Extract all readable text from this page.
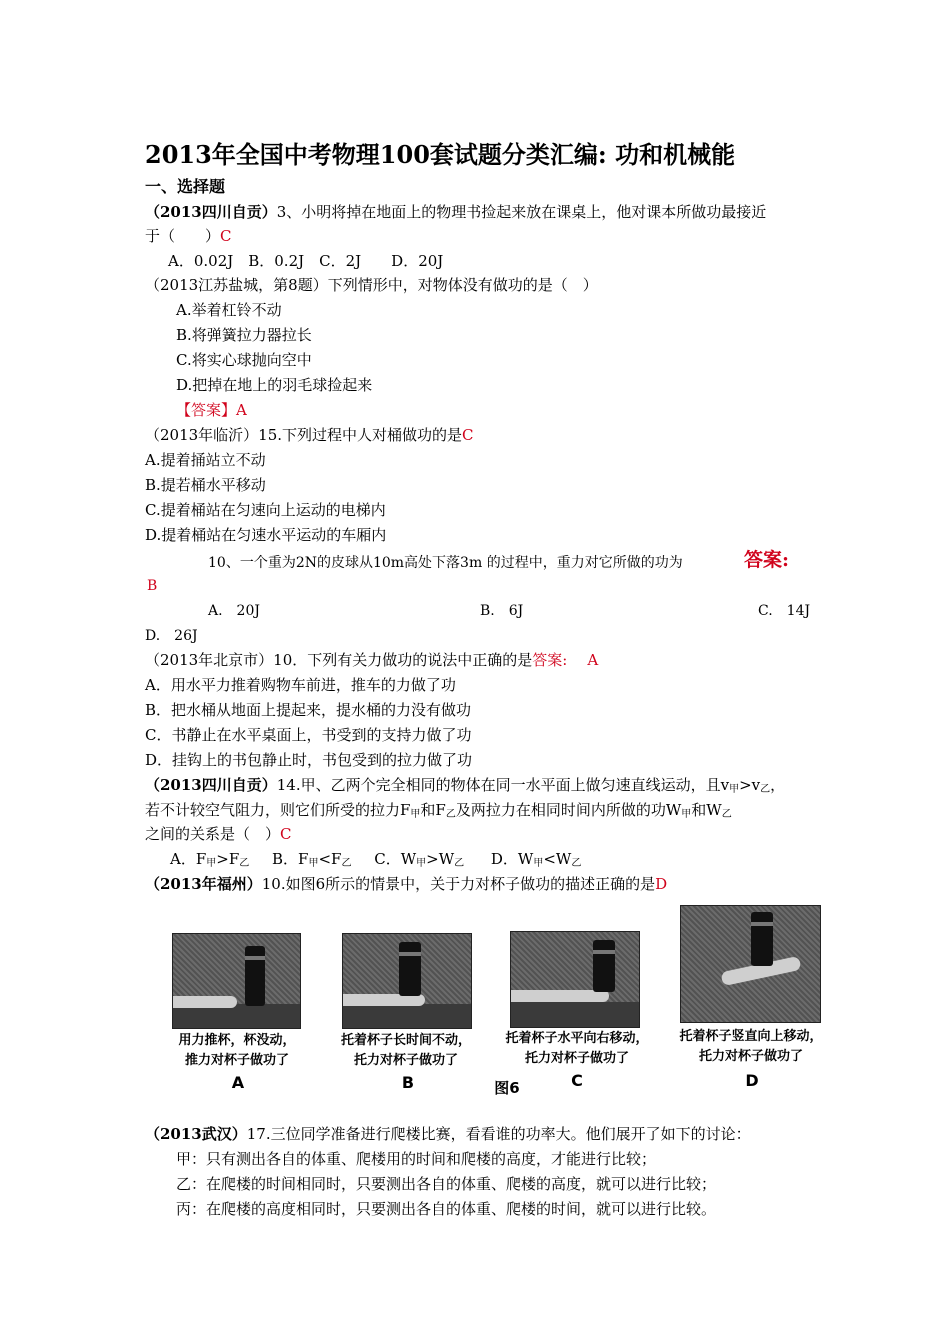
2013年全国中考物理100套试题分类汇编: 功和机械能
一、选择题
（2013四川自贡）3、小明将掉在地面上的物理书捡起来放在课桌上，他对课本所做功最接近
于（　　）C
A．0.02J　B．0.2J　C．2J　　D．20J
（2013江苏盐城，第8题）下列情形中，对物体没有做功的是（　）
A.举着杠铃不动
B.将弹簧拉力器拉长
C.将实心球抛向空中
D.把掉在地上的羽毛球捡起来
【答案】A
（2013年临沂）15.下列过程中人对桶做功的是C
A.提着捅站立不动
B.提若桶水平移动
C.提着桶站在匀速向上运动的电梯内
D.提着桶站在匀速水平运动的车厢内
10、一个重为2N的皮球从10m高处下落3m 的过程中，重力对它所做的功为	答案:
B
A.　20J	B.　6J	C.　14J
D.　26J
（2013年北京市）10．下列有关力做功的说法中正确的是答案: A
A．用水平力推着购物车前进，推车的力做了功
B．把水桶从地面上提起来，提水桶的力没有做功
C．书静止在水平桌面上，书受到的支持力做了功
D．挂钩上的书包静止时，书包受到的拉力做了功
（2013四川自贡）14.甲、乙两个完全相同的物体在同一水平面上做匀速直线运动，且$v_甲>v_乙$，
若不计较空气阻力，则它们所受的拉力$F_甲$和$F_乙$及两拉力在相同时间内所做的功$W_甲$和$W_乙$
之间的关系是（　）C
A．$F_甲>F_乙$ B．$F_甲<F_乙$ C．$W_甲>W_乙$ D．$W_甲<W_乙$
（2013年福州）10.如图6所示的情景中，关于力对杯子做功的描述正确的是D
用力推杯，杯没动，
推力对杯子做功了
托着杯子长时间不动，
托力对杯子做功了
托着杯子水平向右移动，
托力对杯子做功了
托着杯子竖直向上移动，
托力对杯子做功了
A	B	C	D
图6
（2013武汉）17.三位同学准备进行爬楼比赛，看看谁的功率大。他们展开了如下的讨论：
甲：只有测出各自的体重、爬楼用的时间和爬楼的高度，才能进行比较；
乙：在爬楼的时间相同时，只要测出各自的体重、爬楼的高度，就可以进行比较；
丙：在爬楼的高度相同时，只要测出各自的体重、爬楼的时间，就可以进行比较。
